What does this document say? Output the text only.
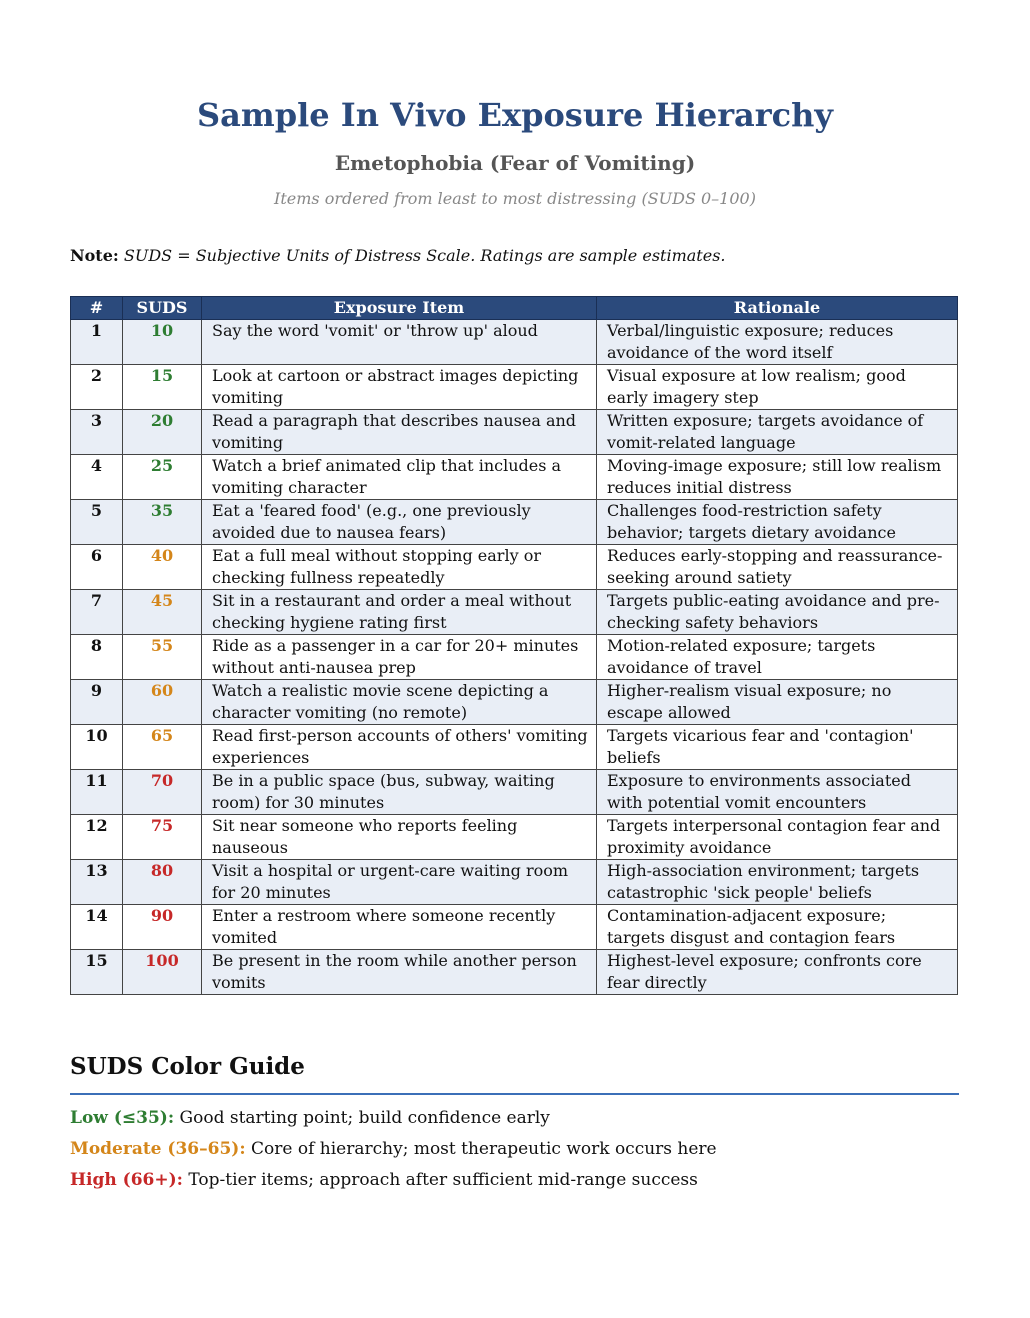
Sample In Vivo Exposure Hierarchy
Emetophobia (Fear of Vomiting)
Items ordered from least to most distressing (SUDS 0–100)
Note: SUDS = Subjective Units of Distress Scale. Ratings are sample estimates.
#	SUDS	Exposure Item	Rationale
1	10	Say the word 'vomit' or 'throw up' aloud	Verbal/linguistic exposure; reduces avoidance of the word itself
2	15	Look at cartoon or abstract images depicting vomiting	Visual exposure at low realism; good early imagery step
3	20	Read a paragraph that describes nausea and vomiting	Written exposure; targets avoidance of vomit-related language
4	25	Watch a brief animated clip that includes a vomiting character	Moving-image exposure; still low realism reduces initial distress
5	35	Eat a 'feared food' (e.g., one previously avoided due to nausea fears)	Challenges food-restriction safety behavior; targets dietary avoidance
6	40	Eat a full meal without stopping early or checking fullness repeatedly	Reduces early-stopping and reassurance-seeking around satiety
7	45	Sit in a restaurant and order a meal without checking hygiene rating first	Targets public-eating avoidance and pre-checking safety behaviors
8	55	Ride as a passenger in a car for 20+ minutes without anti-nausea prep	Motion-related exposure; targets avoidance of travel
9	60	Watch a realistic movie scene depicting a character vomiting (no remote)	Higher-realism visual exposure; no escape allowed
10	65	Read first-person accounts of others' vomiting experiences	Targets vicarious fear and 'contagion' beliefs
11	70	Be in a public space (bus, subway, waiting room) for 30 minutes	Exposure to environments associated with potential vomit encounters
12	75	Sit near someone who reports feeling nauseous	Targets interpersonal contagion fear and proximity avoidance
13	80	Visit a hospital or urgent-care waiting room for 20 minutes	High-association environment; targets catastrophic 'sick people' beliefs
14	90	Enter a restroom where someone recently vomited	Contamination-adjacent exposure; targets disgust and contagion fears
15	100	Be present in the room while another person vomits	Highest-level exposure; confronts core fear directly
SUDS Color Guide
Low (≤35): Good starting point; build confidence early
Moderate (36–65): Core of hierarchy; most therapeutic work occurs here
High (66+): Top-tier items; approach after sufficient mid-range success
